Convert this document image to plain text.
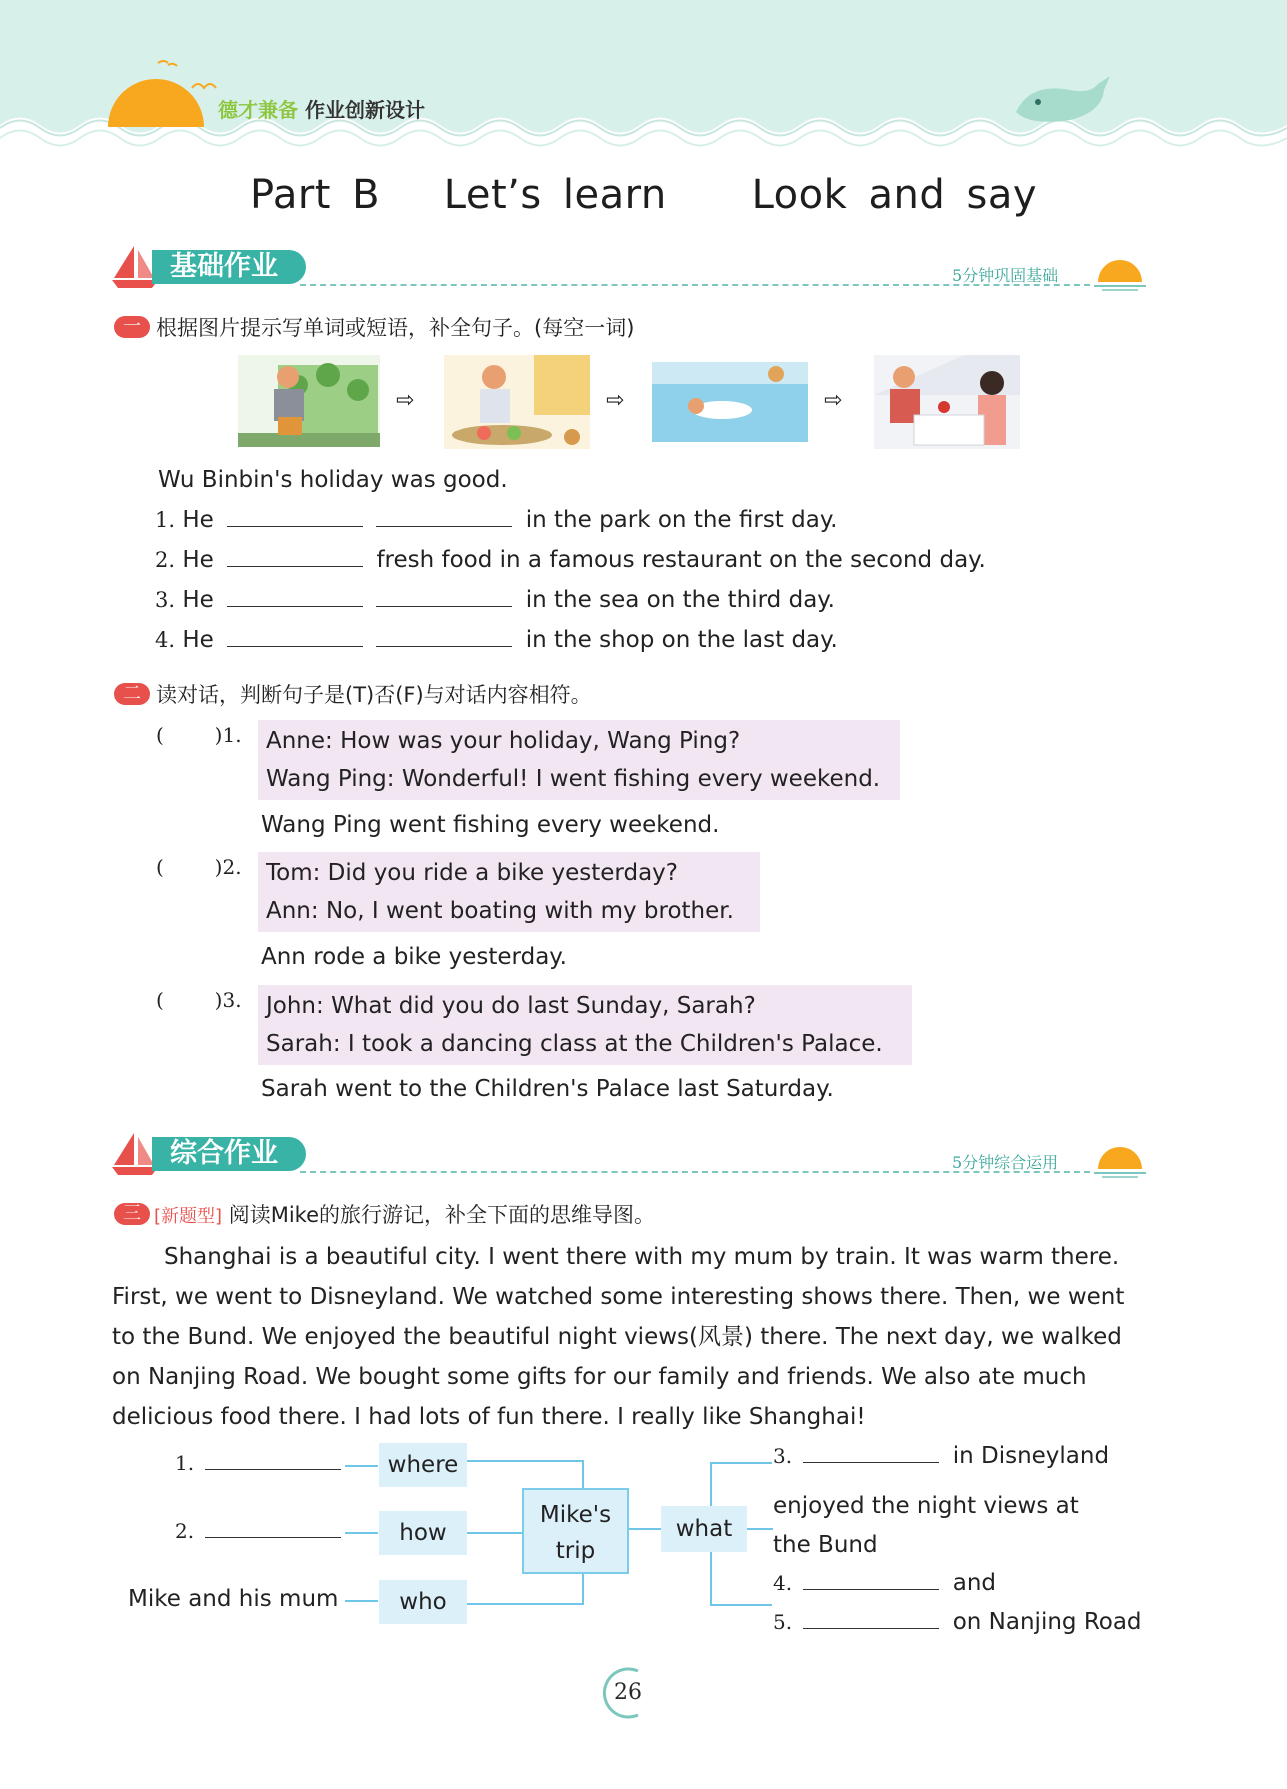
德才兼备 作业创新设计
Part B   Let’s learn    Look and say
基础作业	5分钟巩固基础
一 根据图片提示写单词或短语，补全句子。(每空一词)
⇨	⇨	⇨
Wu Binbin's holiday was good.
1. He	in the park on the first day.
2. He	fresh food in a famous restaurant on the second day.
3. He	in the sea on the third day.
4. He	in the shop on the last day.
二 读对话，判断句子是(T)否(F)与对话内容相符。
(        )1. Anne: How was your holiday, Wang Ping?
Wang Ping: Wonderful! I went fishing every weekend.
Wang Ping went fishing every weekend.
(        )2. Tom: Did you ride a bike yesterday?
Ann: No, I went boating with my brother.
Ann rode a bike yesterday.
(        )3. John: What did you do last Sunday, Sarah?
Sarah: I took a dancing class at the Children's Palace.
Sarah went to the Children's Palace last Saturday.
综合作业	5分钟综合运用
三 [新题型] 阅读Mike的旅行游记，补全下面的思维导图。
Shanghai is a beautiful city. I went there with my mum by train. It was warm there.
First, we went to Disneyland. We watched some interesting shows there. Then, we went
to the Bund. We enjoyed the beautiful night views(风景) there. The next day, we walked
on Nanjing Road. We bought some gifts for our family and friends. We also ate much
delicious food there. I had lots of fun there. I really like Shanghai!
where
how
who
Mike's
trip
what
1.
2.
Mike and his mum
3.	in Disneyland
enjoyed the night views at
the Bund
4.	and
5.	on Nanjing Road
26
